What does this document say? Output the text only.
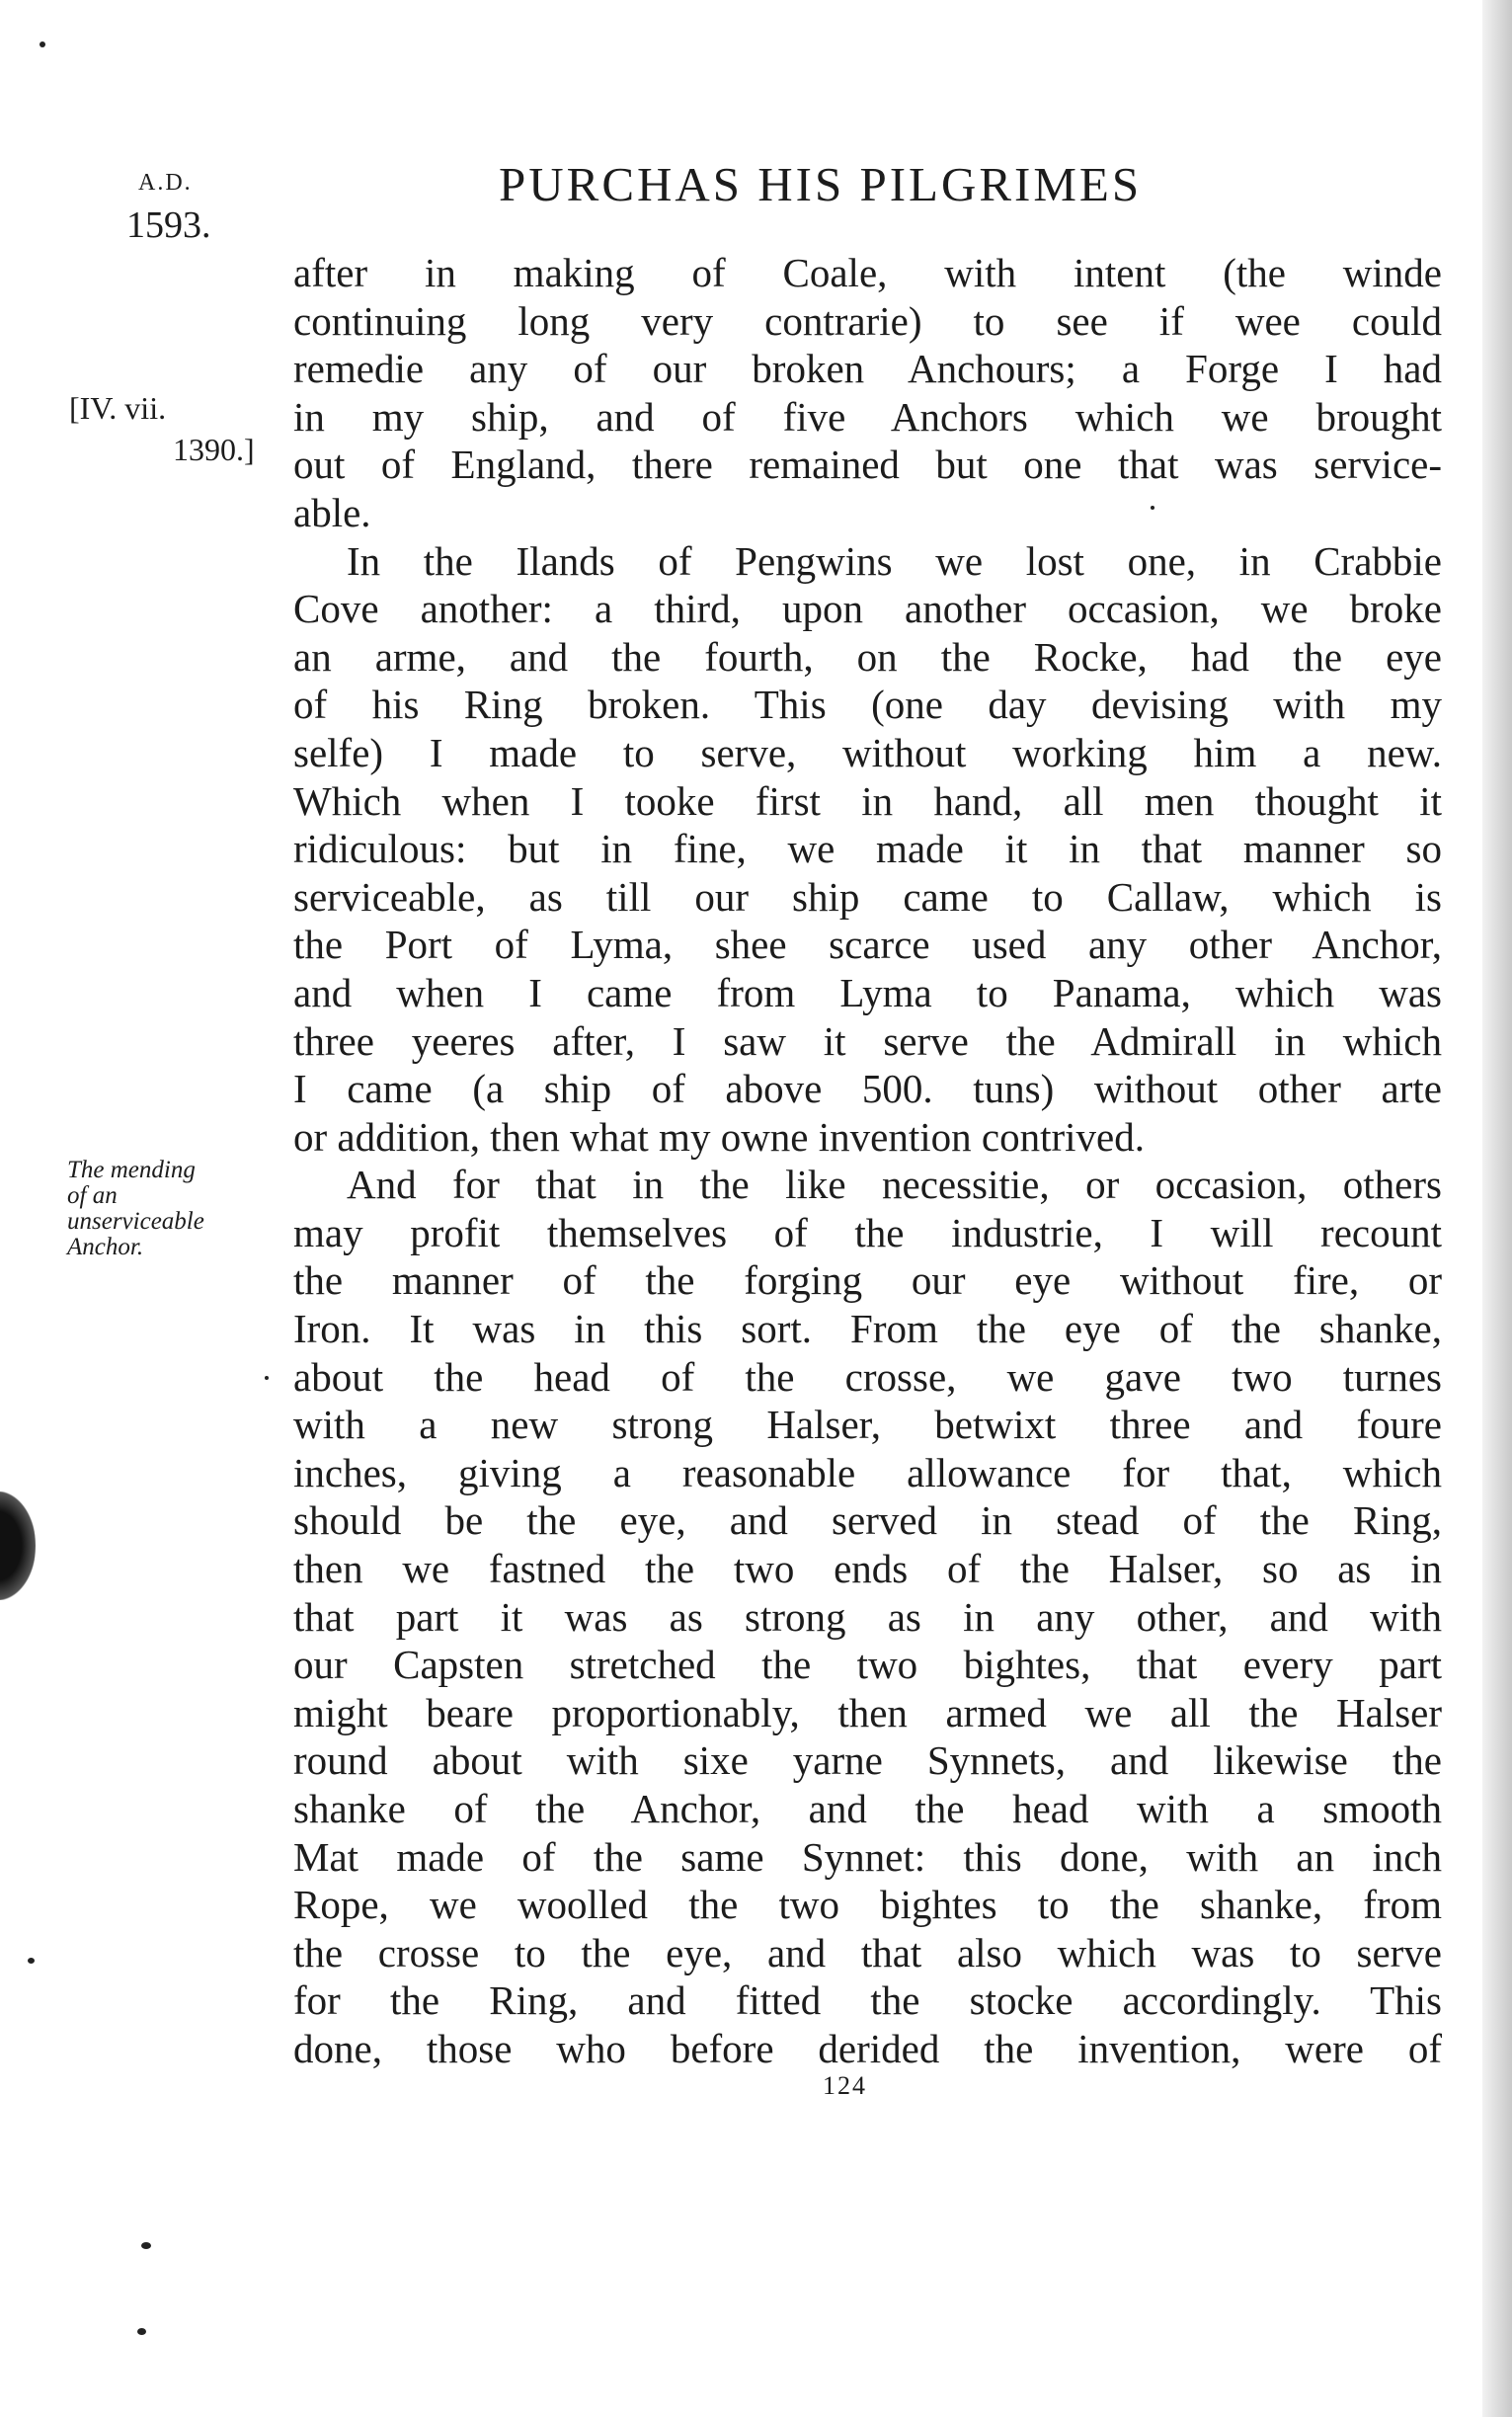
A.D.
1593.
PURCHAS HIS PILGRIMES
[IV. vii.
1390.]
The mending
of an
unserviceable
Anchor.
after in making of Coale, with intent (the winde
continuing long very contrarie) to see if wee could
remedie any of our broken Anchours; a Forge I had
in my ship, and of five Anchors which we brought
out of England, there remained but one that was service-
able.
In the Ilands of Pengwins we lost one, in Crabbie
Cove another: a third, upon another occasion, we broke
an arme, and the fourth, on the Rocke, had the eye
of his Ring broken. This (one day devising with my
selfe) I made to serve, without working him a new.
Which when I tooke first in hand, all men thought it
ridiculous: but in fine, we made it in that manner so
serviceable, as till our ship came to Callaw, which is
the Port of Lyma, shee scarce used any other Anchor,
and when I came from Lyma to Panama, which was
three yeeres after, I saw it serve the Admirall in which
I came (a ship of above 500. tuns) without other arte
or addition, then what my owne invention contrived.
And for that in the like necessitie, or occasion, others
may profit themselves of the industrie, I will recount
the manner of the forging our eye without fire, or
Iron. It was in this sort. From the eye of the shanke,
about the head of the crosse, we gave two turnes
with a new strong Halser, betwixt three and foure
inches, giving a reasonable allowance for that, which
should be the eye, and served in stead of the Ring,
then we fastned the two ends of the Halser, so as in
that part it was as strong as in any other, and with
our Capsten stretched the two bightes, that every part
might beare proportionably, then armed we all the Halser
round about with sixe yarne Synnets, and likewise the
shanke of the Anchor, and the head with a smooth
Mat made of the same Synnet: this done, with an inch
Rope, we woolled the two bightes to the shanke, from
the crosse to the eye, and that also which was to serve
for the Ring, and fitted the stocke accordingly. This
done, those who before derided the invention, were of
124
